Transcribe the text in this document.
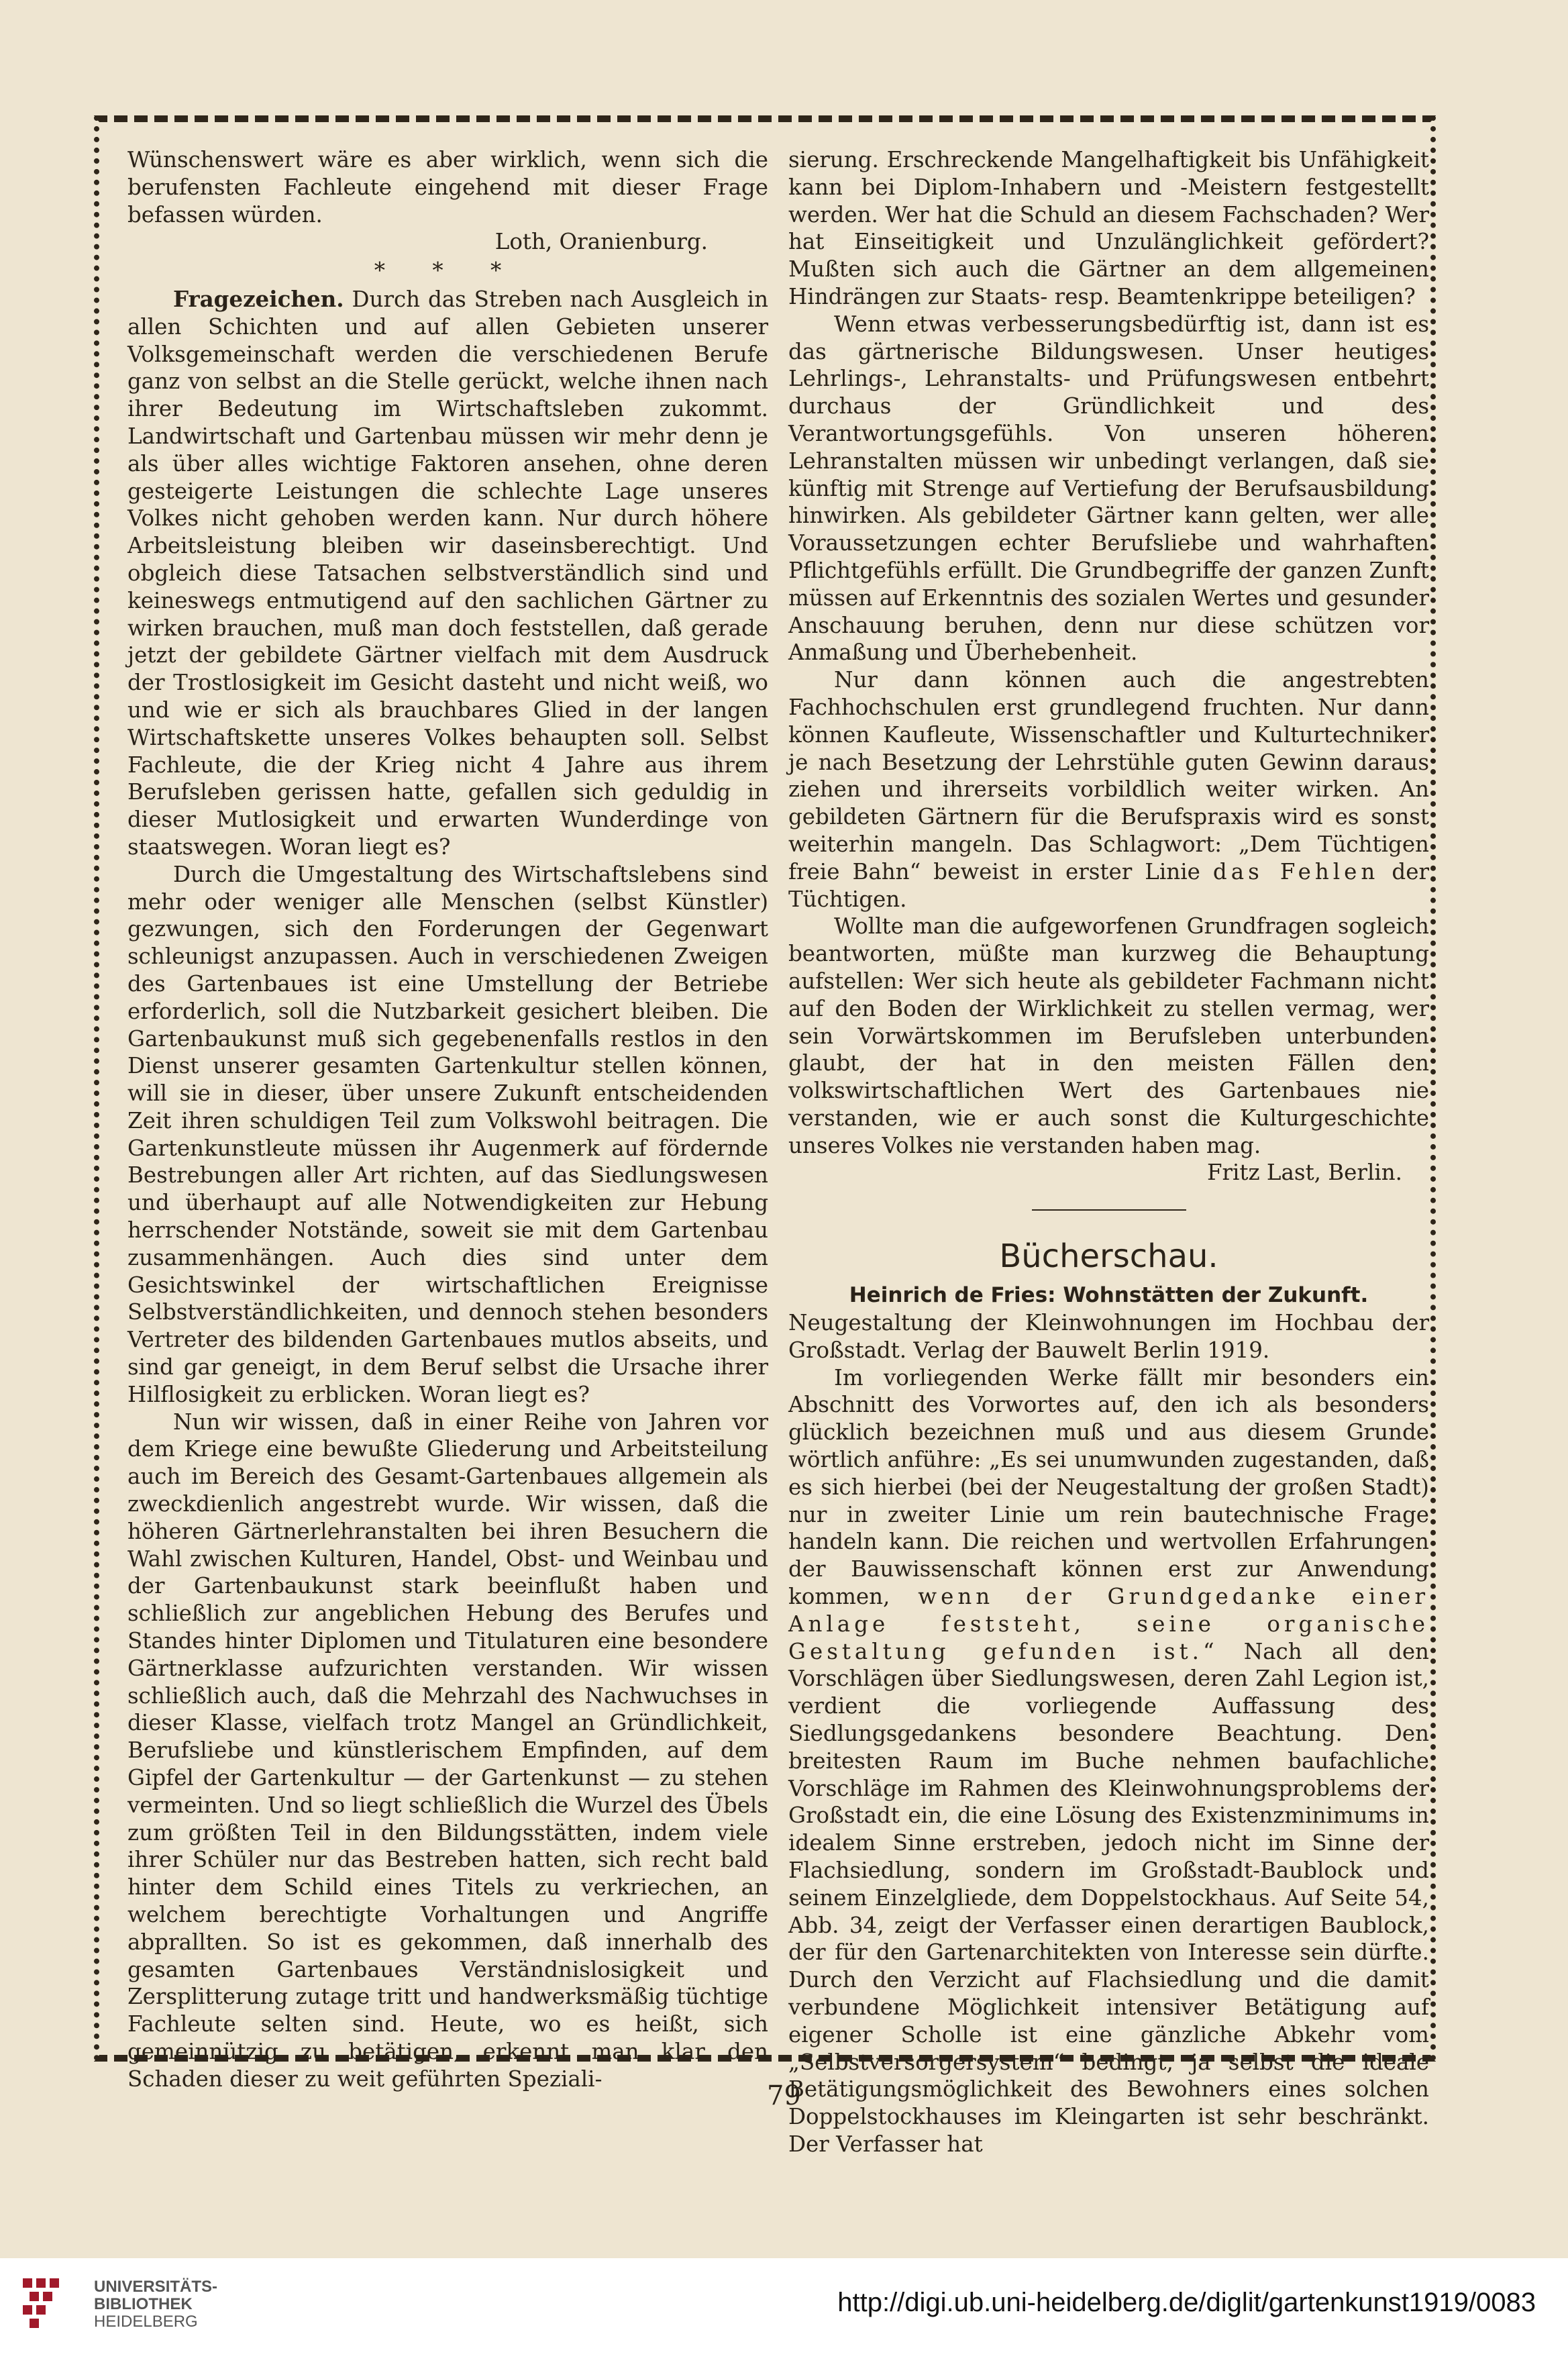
Wünschenswert wäre es aber wirklich, wenn sich die berufensten Fachleute eingehend mit dieser Frage befassen würden.

Loth, Oranienburg.
* * *

Fragezeichen. Durch das Streben nach Ausgleich in allen Schichten und auf allen Gebieten unserer Volksgemeinschaft werden die verschiedenen Berufe ganz von selbst an die Stelle gerückt, welche ihnen nach ihrer Bedeutung im Wirtschaftsleben zukommt. Landwirtschaft und Gartenbau müssen wir mehr denn je als über alles wichtige Faktoren ansehen, ohne deren gesteigerte Leistungen die schlechte Lage unseres Volkes nicht gehoben werden kann. Nur durch höhere Arbeitsleistung bleiben wir daseinsberechtigt. Und obgleich diese Tatsachen selbstverständlich sind und keineswegs entmutigend auf den sachlichen Gärtner zu wirken brauchen, muß man doch feststellen, daß gerade jetzt der gebildete Gärtner vielfach mit dem Ausdruck der Trostlosigkeit im Gesicht dasteht und nicht weiß, wo und wie er sich als brauchbares Glied in der langen Wirtschaftskette unseres Volkes behaupten soll. Selbst Fachleute, die der Krieg nicht 4 Jahre aus ihrem Berufsleben gerissen hatte, gefallen sich geduldig in dieser Mutlosigkeit und erwarten Wunderdinge von staatswegen. Woran liegt es?

Durch die Umgestaltung des Wirtschaftslebens sind mehr oder weniger alle Menschen (selbst Künstler) gezwungen, sich den Forderungen der Gegenwart schleunigst anzupassen. Auch in verschiedenen Zweigen des Gartenbaues ist eine Umstellung der Betriebe erforderlich, soll die Nutzbarkeit gesichert bleiben. Die Gartenbaukunst muß sich gegebenenfalls restlos in den Dienst unserer gesamten Gartenkultur stellen können, will sie in dieser, über unsere Zukunft entscheidenden Zeit ihren schuldigen Teil zum Volkswohl beitragen. Die Gartenkunstleute müssen ihr Augenmerk auf fördernde Bestrebungen aller Art richten, auf das Siedlungswesen und überhaupt auf alle Notwendigkeiten zur Hebung herrschender Notstände, soweit sie mit dem Gartenbau zusammenhängen. Auch dies sind unter dem Gesichtswinkel der wirtschaftlichen Ereignisse Selbstverständlichkeiten, und dennoch stehen besonders Vertreter des bildenden Gartenbaues mutlos abseits, und sind gar geneigt, in dem Beruf selbst die Ursache ihrer Hilflosigkeit zu erblicken. Woran liegt es?

Nun wir wissen, daß in einer Reihe von Jahren vor dem Kriege eine bewußte Gliederung und Arbeitsteilung auch im Bereich des Gesamt-Gartenbaues allgemein als zweckdienlich angestrebt wurde. Wir wissen, daß die höheren Gärtnerlehranstalten bei ihren Besuchern die Wahl zwischen Kulturen, Handel, Obst- und Weinbau und der Gartenbaukunst stark beeinflußt haben und schließlich zur angeblichen Hebung des Berufes und Standes hinter Diplomen und Titulaturen eine besondere Gärtnerklasse aufzurichten verstanden. Wir wissen schließlich auch, daß die Mehrzahl des Nachwuchses in dieser Klasse, vielfach trotz Mangel an Gründlichkeit, Berufsliebe und künstlerischem Empfinden, auf dem Gipfel der Gartenkultur — der Gartenkunst — zu stehen vermeinten. Und so liegt schließlich die Wurzel des Übels zum größten Teil in den Bildungsstätten, indem viele ihrer Schüler nur das Bestreben hatten, sich recht bald hinter dem Schild eines Titels zu verkriechen, an welchem berechtigte Vorhaltungen und Angriffe abprallten. So ist es gekommen, daß innerhalb des gesamten Gartenbaues Verständnislosigkeit und Zersplitterung zutage tritt und handwerksmäßig tüchtige Fachleute selten sind. Heute, wo es heißt, sich gemeinnützig zu betätigen, erkennt man klar den Schaden dieser zu weit geführten Speziali-

sierung. Erschreckende Mangelhaftigkeit bis Unfähigkeit kann bei Diplom-Inhabern und -Meistern festgestellt werden. Wer hat die Schuld an diesem Fachschaden? Wer hat Einseitigkeit und Unzulänglichkeit gefördert? Mußten sich auch die Gärtner an dem allgemeinen Hindrängen zur Staats- resp. Beamtenkrippe beteiligen?

Wenn etwas verbesserungsbedürftig ist, dann ist es das gärtnerische Bildungswesen. Unser heutiges Lehrlings-, Lehranstalts- und Prüfungswesen entbehrt durchaus der Gründlichkeit und des Verantwortungsgefühls. Von unseren höheren Lehranstalten müssen wir unbedingt verlangen, daß sie künftig mit Strenge auf Vertiefung der Berufsausbildung hinwirken. Als gebildeter Gärtner kann gelten, wer alle Voraussetzungen echter Berufsliebe und wahrhaften Pflichtgefühls erfüllt. Die Grundbegriffe der ganzen Zunft müssen auf Erkenntnis des sozialen Wertes und gesunder Anschauung beruhen, denn nur diese schützen vor Anmaßung und Überhebenheit.

Nur dann können auch die angestrebten Fachhochschulen erst grundlegend fruchten. Nur dann können Kaufleute, Wissenschaftler und Kulturtechniker je nach Besetzung der Lehrstühle guten Gewinn daraus ziehen und ihrerseits vorbildlich weiter wirken. An gebildeten Gärtnern für die Berufspraxis wird es sonst weiterhin mangeln. Das Schlagwort: „Dem Tüchtigen freie Bahn“ beweist in erster Linie das Fehlen der Tüchtigen.

Wollte man die aufgeworfenen Grundfragen sogleich beantworten, müßte man kurzweg die Behauptung aufstellen: Wer sich heute als gebildeter Fachmann nicht auf den Boden der Wirklichkeit zu stellen vermag, wer sein Vorwärtskommen im Berufsleben unterbunden glaubt, der hat in den meisten Fällen den volkswirtschaftlichen Wert des Gartenbaues nie verstanden, wie er auch sonst die Kulturgeschichte unseres Volkes nie verstanden haben mag.

Fritz Last, Berlin.
Bücherschau.
Heinrich de Fries: Wohnstätten der Zukunft.

Neugestaltung der Kleinwohnungen im Hochbau der Großstadt. Verlag der Bauwelt Berlin 1919.

Im vorliegenden Werke fällt mir besonders ein Abschnitt des Vorwortes auf, den ich als besonders glücklich bezeichnen muß und aus diesem Grunde wörtlich anführe: „Es sei unumwunden zugestanden, daß es sich hierbei (bei der Neugestaltung der großen Stadt) nur in zweiter Linie um rein bautechnische Frage handeln kann. Die reichen und wertvollen Erfahrungen der Bauwissenschaft können erst zur Anwendung kommen, wenn der Grundgedanke einer Anlage feststeht, seine organische Gestaltung gefunden ist.“ Nach all den Vorschlägen über Siedlungswesen, deren Zahl Legion ist, verdient die vorliegende Auffassung des Siedlungsgedankens besondere Beachtung. Den breitesten Raum im Buche nehmen baufachliche Vorschläge im Rahmen des Kleinwohnungsproblems der Großstadt ein, die eine Lösung des Existenzminimums in idealem Sinne erstreben, jedoch nicht im Sinne der Flachsiedlung, sondern im Großstadt-Baublock und seinem Einzelgliede, dem Doppelstockhaus. Auf Seite 54, Abb. 34, zeigt der Verfasser einen derartigen Baublock, der für den Gartenarchitekten von Interesse sein dürfte. Durch den Verzicht auf Flachsiedlung und die damit verbundene Möglichkeit intensiver Betätigung auf eigener Scholle ist eine gänzliche Abkehr vom „Selbstversorgersystem“ bedingt, ja selbst die ideale Betätigungsmöglichkeit des Bewohners eines solchen Doppelstockhauses im Kleingarten ist sehr beschränkt. Der Verfasser hat

79
UNIVERSITÄTS-
BIBLIOTHEK
HEIDELBERG
http://digi.ub.uni-heidelberg.de/diglit/gartenkunst1919/0083
